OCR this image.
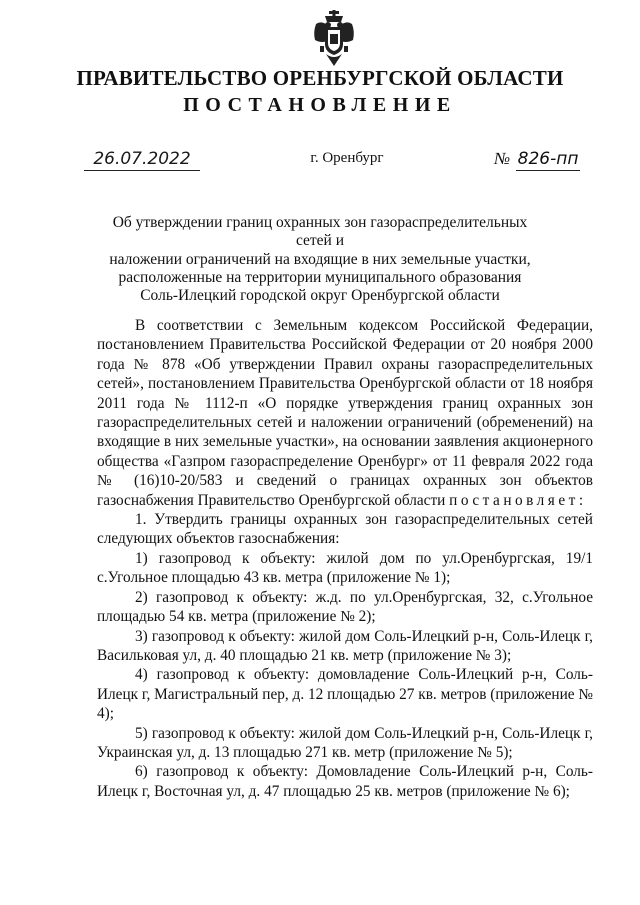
ПРАВИТЕЛЬСТВО ОРЕНБУРГСКОЙ ОБЛАСТИ
ПОСТАНОВЛЕНИЕ
26.07.2022	г. Оренбург	№ 826-пп
Об утверждении границ охранных зон газораспределительных сетей и
наложении ограничений на входящие в них земельные участки,
расположенные на территории муниципального образования
Соль-Илецкий городской округ Оренбургской области

В соответствии с Земельным кодексом Российской Федерации, постановлением Правительства Российской Федерации от 20 ноября 2000 года № 878 «Об утверждении Правил охраны газораспределительных сетей», постановлением Правительства Оренбургской области от 18 ноября 2011 года № 1112-п «О порядке утверждения границ охранных зон газораспределительных сетей и наложении ограничений (обременений) на входящие в них земельные участки», на основании заявления акционерного общества «Газпром газораспределение Оренбург» от 11 февраля 2022 года № (16)10-20/583 и сведений о границах охранных зон объектов газоснабжения Правительство Оренбургской области постановляет:

1. Утвердить границы охранных зон газораспределительных сетей следующих объектов газоснабжения:

1) газопровод к объекту: жилой дом по ул.Оренбургская, 19/1 с.Угольное площадью 43 кв. метра (приложение № 1);

2) газопровод к объекту: ж.д. по ул.Оренбургская, 32, с.Угольное площадью 54 кв. метра (приложение № 2);

3) газопровод к объекту: жилой дом Соль-Илецкий р-н, Соль-Илецк г, Васильковая ул, д. 40 площадью 21 кв. метр (приложение № 3);

4) газопровод к объекту: домовладение Соль-Илецкий р-н, Соль-Илецк г, Магистральный пер, д. 12 площадью 27 кв. метров (приложение № 4);

5) газопровод к объекту: жилой дом Соль-Илецкий р-н, Соль-Илецк г, Украинская ул, д. 13 площадью 271 кв. метр (приложение № 5);

6) газопровод к объекту: Домовладение Соль-Илецкий р-н, Соль-Илецк г, Восточная ул, д. 47 площадью 25 кв. метров (приложение № 6);
